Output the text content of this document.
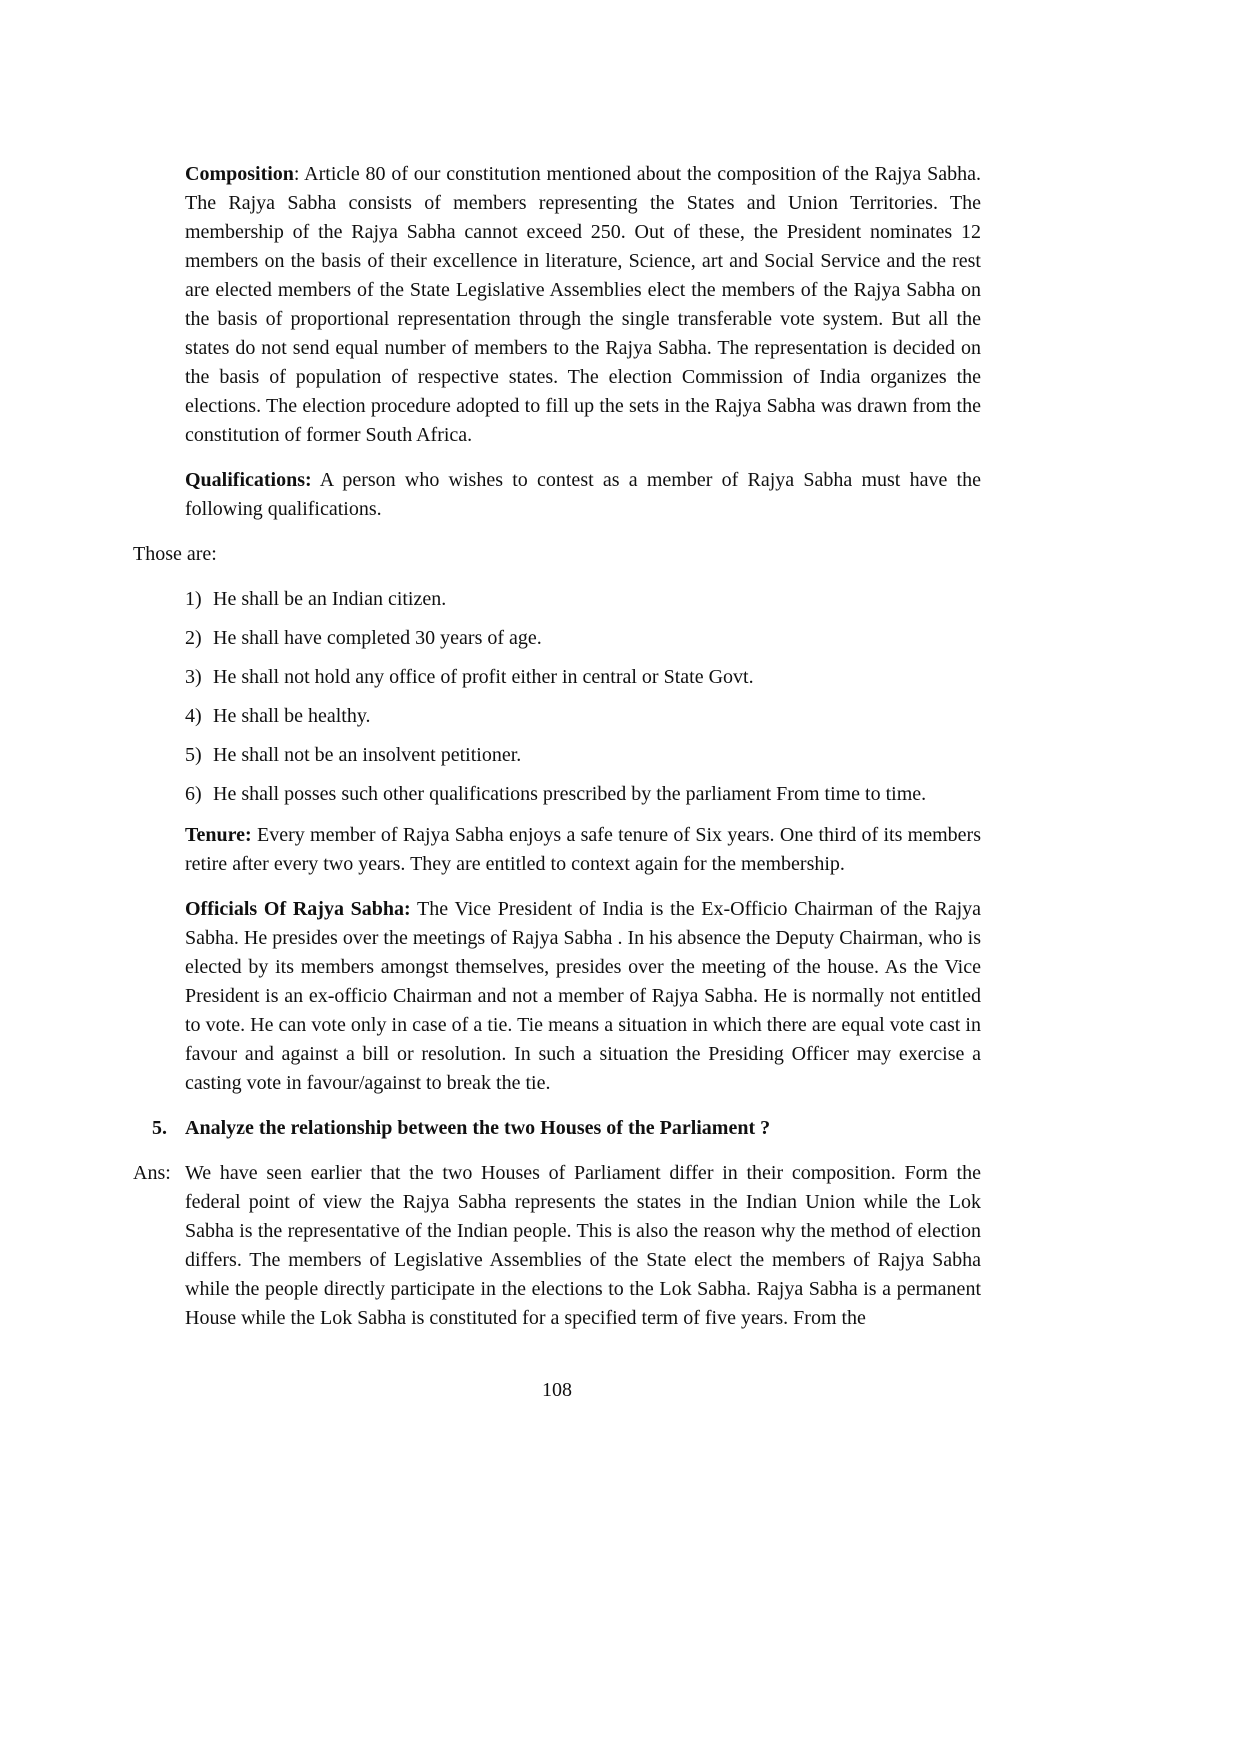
Composition: Article 80 of our constitution mentioned about the composition of the Rajya Sabha. The Rajya Sabha consists of members representing the States and Union Territories. The membership of the Rajya Sabha cannot exceed 250. Out of these, the President nominates 12 members on the basis of their excellence in literature, Science, art and Social Service and the rest are elected members of the State Legislative Assemblies elect the members of the Rajya Sabha on the basis of proportional representation through the single transferable vote system. But all the states do not send equal number of members to the Rajya Sabha. The representation is decided on the basis of population of respective states. The election Commission of India organizes the elections. The election procedure adopted to fill up the sets in the Rajya Sabha was drawn from the constitution of former South Africa.

Qualifications: A person who wishes to contest as a member of Rajya Sabha must have the following qualifications.

Those are:

1) He shall be an Indian citizen.
2) He shall have completed 30 years of age.
3) He shall not hold any office of profit either in central or State Govt.
4) He shall be healthy.
5) He shall not be an insolvent petitioner.
6) He shall posses such other qualifications prescribed by the parliament From time to time.

Tenure: Every member of Rajya Sabha enjoys a safe tenure of Six years. One third of its members retire after every two years. They are entitled to context again for the membership.

Officials Of Rajya Sabha: The Vice President of India is the Ex-Officio Chairman of the Rajya Sabha. He presides over the meetings of Rajya Sabha . In his absence the Deputy Chairman, who is elected by its members amongst themselves, presides over the meeting of the house. As the Vice President is an ex-officio Chairman and not a member of Rajya Sabha. He is normally not entitled to vote. He can vote only in case of a tie. Tie means a situation in which there are equal vote cast in favour and against a bill or resolution. In such a situation the Presiding Officer may exercise a casting vote in favour/against to break the tie.

5. Analyze the relationship between the two Houses of the Parliament ?
Ans: We have seen earlier that the two Houses of Parliament differ in their composition. Form the federal point of view the Rajya Sabha represents the states in the Indian Union while the Lok Sabha is the representative of the Indian people. This is also the reason why the method of election differs. The members of Legislative Assemblies of the State elect the members of Rajya Sabha while the people directly participate in the elections to the Lok Sabha. Rajya Sabha is a permanent House while the Lok Sabha is constituted for a specified term of five years. From the
108
